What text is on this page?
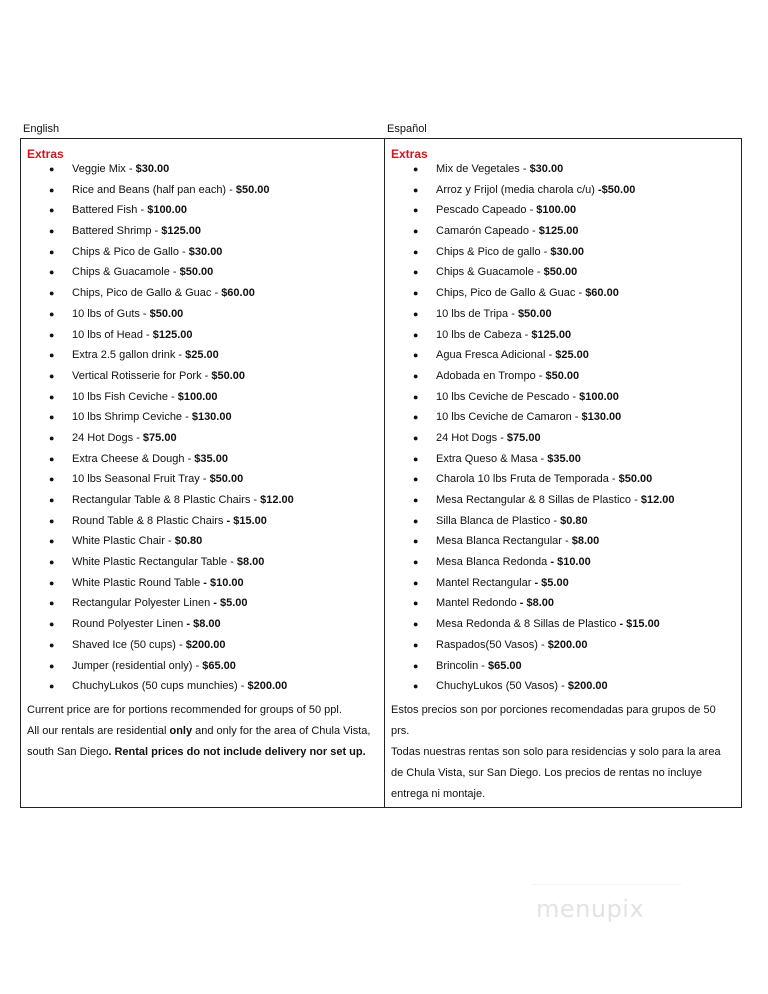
English	Español
Extras
● Veggie Mix - $30.00
● Rice and Beans (half pan each) - $50.00
● Battered Fish - $100.00
● Battered Shrimp - $125.00
● Chips & Pico de Gallo - $30.00
● Chips & Guacamole - $50.00
● Chips, Pico de Gallo & Guac - $60.00
● 10 lbs of Guts - $50.00
● 10 lbs of Head - $125.00
● Extra 2.5 gallon drink - $25.00
● Vertical Rotisserie for Pork - $50.00
● 10 lbs Fish Ceviche - $100.00
● 10 lbs Shrimp Ceviche - $130.00
● 24 Hot Dogs - $75.00
● Extra Cheese & Dough - $35.00
● 10 lbs Seasonal Fruit Tray - $50.00
● Rectangular Table & 8 Plastic Chairs - $12.00
● Round Table & 8 Plastic Chairs - $15.00
● White Plastic Chair - $0.80
● White Plastic Rectangular Table - $8.00
● White Plastic Round Table - $10.00
● Rectangular Polyester Linen - $5.00
● Round Polyester Linen - $8.00
● Shaved Ice (50 cups) - $200.00
● Jumper (residential only) - $65.00
● ChuchyLukos (50 cups munchies) - $200.00

Current price are for portions recommended for groups of 50 ppl.

All our rentals are residential only and only for the area of Chula Vista, south San Diego. Rental prices do not include delivery nor set up.

Extras
● Mix de Vegetales - $30.00
● Arroz y Frijol (media charola c/u) -$50.00
● Pescado Capeado - $100.00
● Camarón Capeado - $125.00
● Chips & Pico de gallo - $30.00
● Chips & Guacamole - $50.00
● Chips, Pico de Gallo & Guac - $60.00
● 10 lbs de Tripa - $50.00
● 10 lbs de Cabeza - $125.00
● Agua Fresca Adicional - $25.00
● Adobada en Trompo - $50.00
● 10 lbs Ceviche de Pescado - $100.00
● 10 lbs Ceviche de Camaron - $130.00
● 24 Hot Dogs - $75.00
● Extra Queso & Masa - $35.00
● Charola 10 lbs Fruta de Temporada - $50.00
● Mesa Rectangular & 8 Sillas de Plastico - $12.00
● Silla Blanca de Plastico - $0.80
● Mesa Blanca Rectangular - $8.00
● Mesa Blanca Redonda - $10.00
● Mantel Rectangular - $5.00
● Mantel Redondo - $8.00
● Mesa Redonda & 8 Sillas de Plastico - $15.00
● Raspados(50 Vasos) - $200.00
● Brincolin - $65.00
● ChuchyLukos (50 Vasos) - $200.00

Estos precios son por porciones recomendadas para grupos de 50 prs.

Todas nuestras rentas son solo para residencias y solo para la area de Chula Vista, sur San Diego. Los precios de rentas no incluye entrega ni montaje.

menupix
